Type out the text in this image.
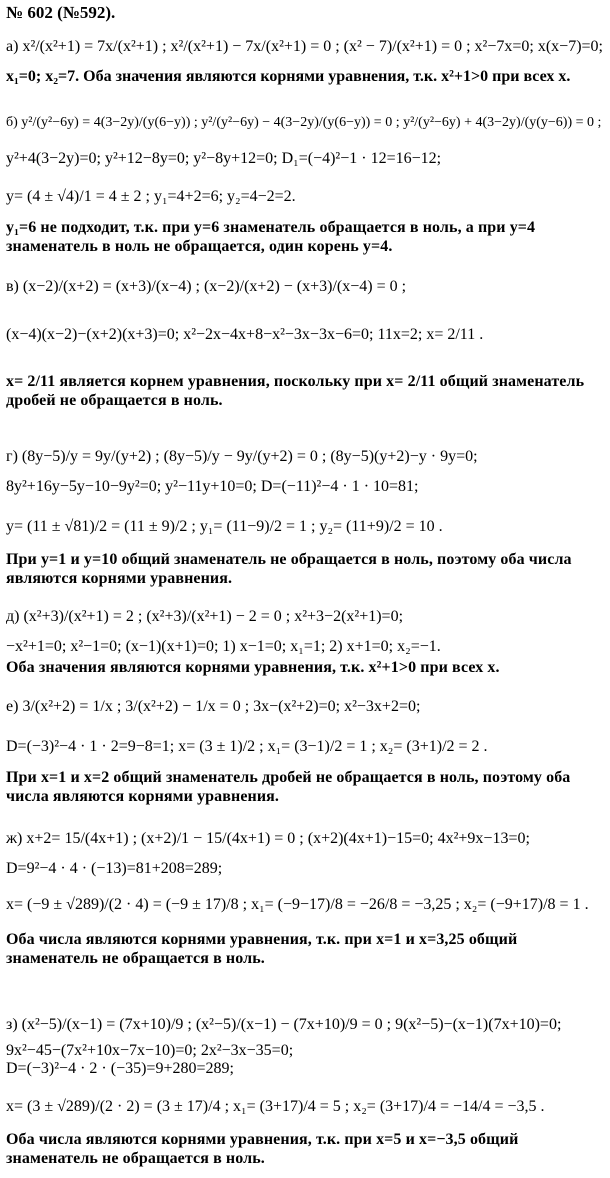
№ 602 (№592).
а) x²/(x²+1) = 7x/(x²+1) ; x²/(x²+1) − 7x/(x²+1) = 0 ; (x² − 7)/(x²+1) = 0 ; x²−7x=0; x(x−7)=0;
x₁=0; x₂=7. Оба значения являются корнями уравнения, т.к. x²+1>0 при всех x.
б) y²/(y²−6y) = 4(3−2y)/(y(6−y)) ; y²/(y²−6y) − 4(3−2y)/(y(6−y)) = 0 ; y²/(y²−6y) + 4(3−2y)/(y(y−6)) = 0 ;
y²+4(3−2y)=0; y²+12−8y=0; y²−8y+12=0; D₁=(−4)²−1 · 12=16−12;
y= (4 ± √4)/1 = 4 ± 2 ; y₁=4+2=6; y₂=4−2=2.
y₁=6 не подходит, т.к. при y=6 знаменатель обращается в ноль, а при y=4 знаменатель в ноль не обращается, один корень y=4.
в) (x−2)/(x+2) = (x+3)/(x−4) ; (x−2)/(x+2) − (x+3)/(x−4) = 0 ;
(x−4)(x−2)−(x+2)(x+3)=0; x²−2x−4x+8−x²−3x−3x−6=0; 11x=2; x= 2/11 .
x= 2/11 является корнем уравнения, поскольку при x= 2/11 общий знаменатель дробей не обращается в ноль.
г) (8y−5)/y = 9y/(y+2) ; (8y−5)/y − 9y/(y+2) = 0 ; (8y−5)(y+2)−y · 9y=0;
8y²+16y−5y−10−9y²=0; y²−11y+10=0; D=(−11)²−4 · 1 · 10=81;
y= (11 ± √81)/2 = (11 ± 9)/2 ; y₁= (11−9)/2 = 1 ; y₂= (11+9)/2 = 10 .
При y=1 и y=10 общий знаменатель не обращается в ноль, поэтому оба числа являются корнями уравнения.
д) (x²+3)/(x²+1) = 2 ; (x²+3)/(x²+1) − 2 = 0 ; x²+3−2(x²+1)=0;
−x²+1=0; x²−1=0; (x−1)(x+1)=0; 1) x−1=0; x₁=1; 2) x+1=0; x₂=−1.
Оба значения являются корнями уравнения, т.к. x²+1>0 при всех x.
е) 3/(x²+2) = 1/x ; 3/(x²+2) − 1/x = 0 ; 3x−(x²+2)=0; x²−3x+2=0;
D=(−3)²−4 · 1 · 2=9−8=1; x= (3 ± 1)/2 ; x₁= (3−1)/2 = 1 ; x₂= (3+1)/2 = 2 .
При x=1 и x=2 общий знаменатель дробей не обращается в ноль, поэтому оба числа являются корнями уравнения.
ж) x+2= 15/(4x+1) ; (x+2)/1 − 15/(4x+1) = 0 ; (x+2)(4x+1)−15=0; 4x²+9x−13=0;
D=9²−4 · 4 · (−13)=81+208=289;
x= (−9 ± √289)/(2 · 4) = (−9 ± 17)/8 ; x₁= (−9−17)/8 = −26/8 = −3,25 ; x₂= (−9+17)/8 = 1 .
Оба числа являются корнями уравнения, т.к. при x=1 и x=3,25 общий знаменатель не обращается в ноль.
з) (x²−5)/(x−1) = (7x+10)/9 ; (x²−5)/(x−1) − (7x+10)/9 = 0 ; 9(x²−5)−(x−1)(7x+10)=0;
9x²−45−(7x²+10x−7x−10)=0; 2x²−3x−35=0;
D=(−3)²−4 · 2 · (−35)=9+280=289;
x= (3 ± √289)/(2 · 2) = (3 ± 17)/4 ; x₁= (3+17)/4 = 5 ; x₂= (3+17)/4 = −14/4 = −3,5 .
Оба числа являются корнями уравнения, т.к. при x=5 и x=−3,5 общий знаменатель не обращается в ноль.
